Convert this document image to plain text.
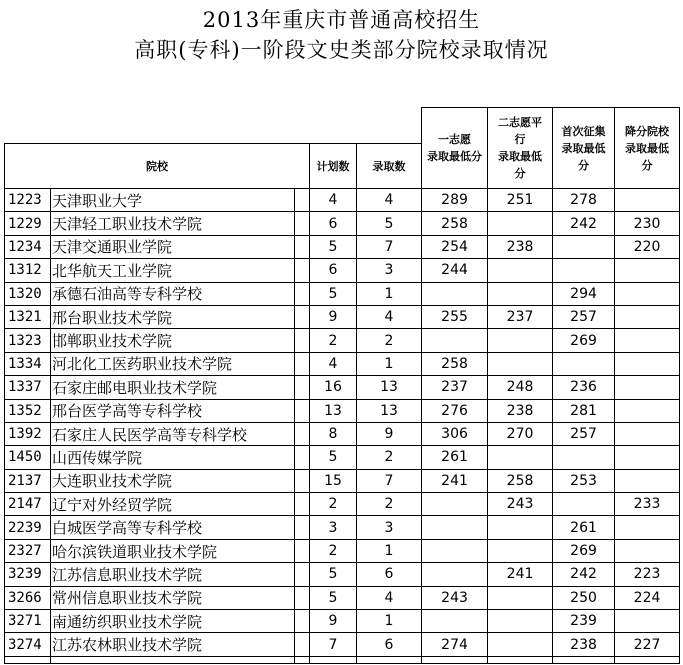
2013年重庆市普通高校招生
高职(专科)一阶段文史类部分院校录取情况
					一志愿
录取最低分	二志愿平
行
录取最低
分	首次征集
录取最低
分	降分院校
录取最低
分
院校			计划数	录取数				
1223	天津职业大学		4	4	289	251	278	
1229	天津轻工职业技术学院		6	5	258		242	230
1234	天津交通职业学院		5	7	254	238		220
1312	北华航天工业学院		6	3	244			
1320	承德石油高等专科学校		5	1			294	
1321	邢台职业技术学院		9	4	255	237	257	
1323	邯郸职业技术学院		2	2			269	
1334	河北化工医药职业技术学院		4	1	258			
1337	石家庄邮电职业技术学院		16	13	237	248	236	
1352	邢台医学高等专科学校		13	13	276	238	281	
1392	石家庄人民医学高等专科学校		8	9	306	270	257	
1450	山西传媒学院		5	2	261			
2137	大连职业技术学院		15	7	241	258	253	
2147	辽宁对外经贸学院		2	2		243		233
2239	白城医学高等专科学校		3	3			261	
2327	哈尔滨铁道职业技术学院		2	1			269	
3239	江苏信息职业技术学院		5	6		241	242	223
3266	常州信息职业技术学院		5	4	243		250	224
3271	南通纺织职业技术学院		9	1			239	
3274	江苏农林职业技术学院		7	6	274		238	227
